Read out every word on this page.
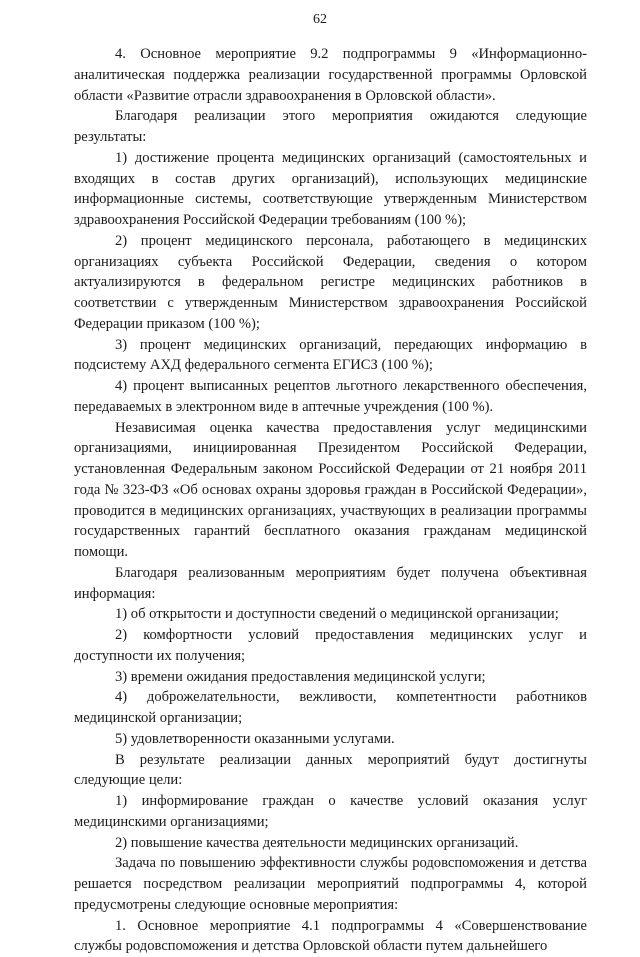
62

4. Основное мероприятие 9.2 подпрограммы 9 «Информационно-аналитическая поддержка реализации государственной программы Орловской области «Развитие отрасли здравоохранения в Орловской области».

Благодаря реализации этого мероприятия ожидаются следующие результаты:

1) достижение процента медицинских организаций (самостоятельных и входящих в состав других организаций), использующих медицинские информационные системы, соответствующие утвержденным Министерством здравоохранения Российской Федерации требованиям (100 %);

2) процент медицинского персонала, работающего в медицинских организациях субъекта Российской Федерации, сведения о котором актуализируются в федеральном регистре медицинских работников в соответствии с утвержденным Министерством здравоохранения Российской Федерации приказом (100 %);

3) процент медицинских организаций, передающих информацию в подсистему АХД федерального сегмента ЕГИСЗ (100 %);

4) процент выписанных рецептов льготного лекарственного обеспечения, передаваемых в электронном виде в аптечные учреждения (100 %).

Независимая оценка качества предоставления услуг медицинскими организациями, инициированная Президентом Российской Федерации, установленная Федеральным законом Российской Федерации от 21 ноября 2011 года № 323-ФЗ «Об основах охраны здоровья граждан в Российской Федерации», проводится в медицинских организациях, участвующих в реализации программы государственных гарантий бесплатного оказания гражданам медицинской помощи.

Благодаря реализованным мероприятиям будет получена объективная информация:

1) об открытости и доступности сведений о медицинской организации;

2) комфортности условий предоставления медицинских услуг и доступности их получения;

3) времени ожидания предоставления медицинской услуги;

4) доброжелательности, вежливости, компетентности работников медицинской организации;

5) удовлетворенности оказанными услугами.

В результате реализации данных мероприятий будут достигнуты следующие цели:

1) информирование граждан о качестве условий оказания услуг медицинскими организациями;

2) повышение качества деятельности медицинских организаций.

Задача по повышению эффективности службы родовспоможения и детства решается посредством реализации мероприятий подпрограммы 4, которой предусмотрены следующие основные мероприятия:

1. Основное мероприятие 4.1 подпрограммы 4 «Совершенствование службы родовспоможения и детства Орловской области путем дальнейшего
